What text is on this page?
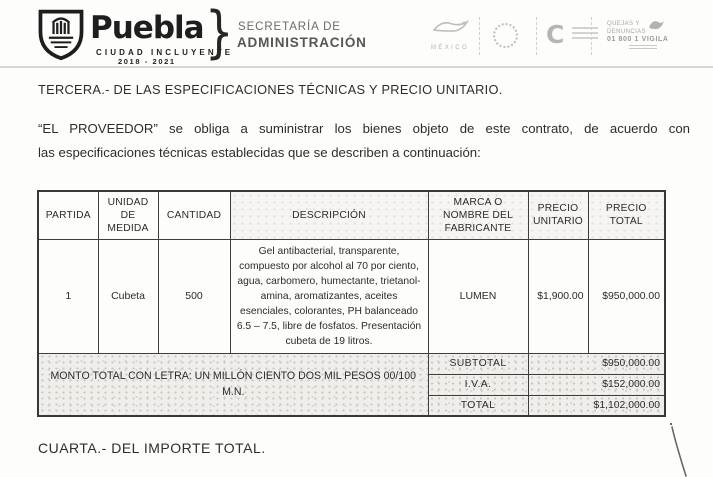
Puebla
CIUDAD INCLUYENTE
2018 - 2021 } SECRETARÍA DE
ADMINISTRACIÓN	MÉXICO	C	QUEJAS Y
DENUNCIAS
01 800 1 VIGILA
TERCERA.- DE LAS ESPECIFICACIONES TÉCNICAS Y PRECIO UNITARIO.
“EL PROVEEDOR” se obliga a suministrar los bienes objeto de este contrato, de acuerdo con
las especificaciones técnicas establecidas que se describen a continuación:
PARTIDA	UNIDAD DE MEDIDA	CANTIDAD	DESCRIPCIÓN	MARCA O NOMBRE DEL FABRICANTE	PRECIO UNITARIO	PRECIO TOTAL
1	Cubeta	500	Gel antibacterial, transparente, compuesto por alcohol al 70 por ciento, agua, carbomero, humectante, trietanol-amina, aromatizantes, aceites esenciales, colorantes, PH balanceado 6.5 – 7.5, libre de fosfatos. Presentación cubeta de 19 litros.	LUMEN	$1,900.00	$950,000.00

MONTO TOTAL CON LETRA: UN MILLÓN CIENTO DOS MIL PESOS 00/100
M.N.				SUBTOTAL	$950,000.00	
				I.V.A.	$152,000.00	
				TOTAL	$1,102,000.00	
CUARTA.- DEL IMPORTE TOTAL.
